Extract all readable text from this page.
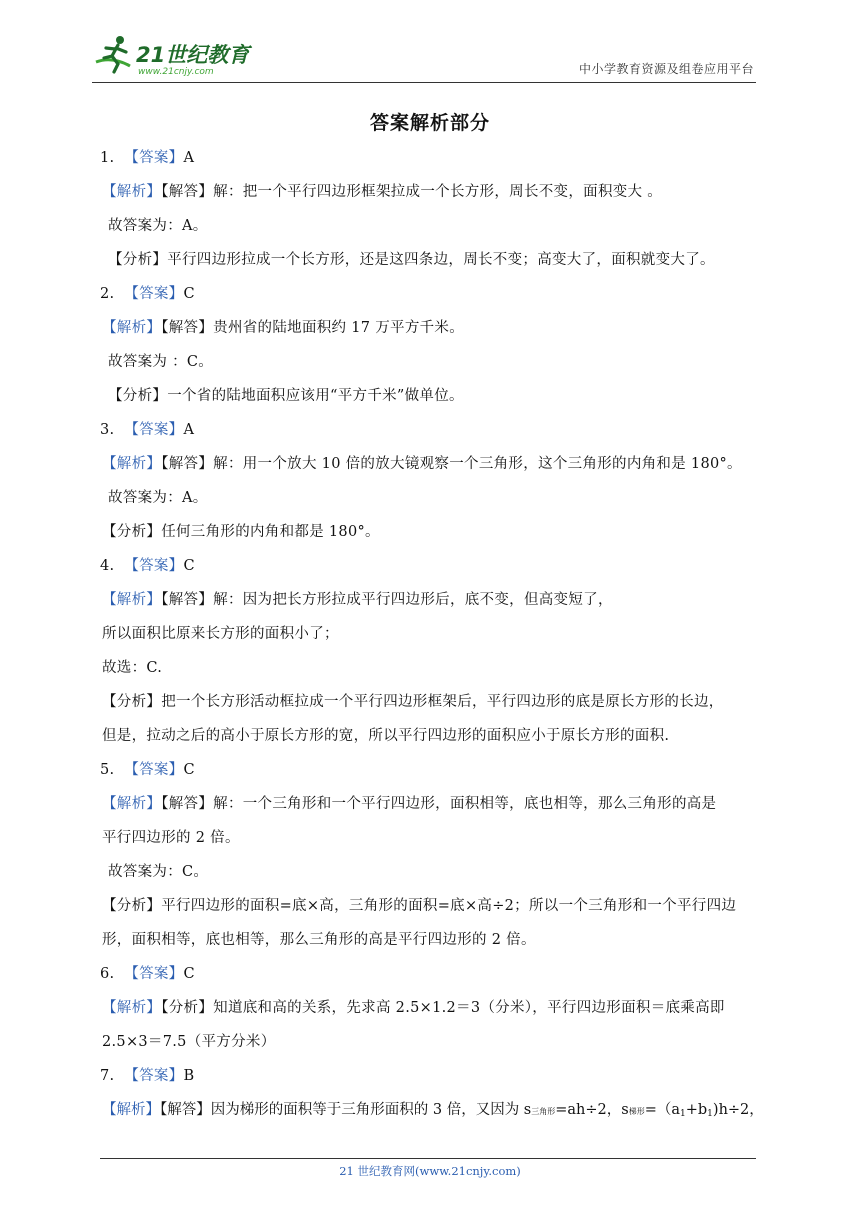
21世纪教育
www.21cnjy.com	中小学教育资源及组卷应用平台
答案解析部分
1. 【答案】A
【解析】【解答】解：把一个平行四边形框架拉成一个长方形，周长不变，面积变大 。
故答案为：A。
【分析】平行四边形拉成一个长方形，还是这四条边，周长不变；高变大了，面积就变大了。
2. 【答案】C
【解析】【解答】贵州省的陆地面积约 17 万平方千米。
故答案为 ：C。
【分析】一个省的陆地面积应该用“平方千米”做单位。
3. 【答案】A
【解析】【解答】解：用一个放大 10 倍的放大镜观察一个三角形，这个三角形的内角和是 180°。
故答案为：A。
【分析】任何三角形的内角和都是 180°。
4. 【答案】C
【解析】【解答】解：因为把长方形拉成平行四边形后，底不变，但高变短了，
所以面积比原来长方形的面积小了；
故选：C.
【分析】把一个长方形活动框拉成一个平行四边形框架后，平行四边形的底是原长方形的长边，
但是，拉动之后的高小于原长方形的宽，所以平行四边形的面积应小于原长方形的面积.
5. 【答案】C
【解析】【解答】解：一个三角形和一个平行四边形，面积相等，底也相等，那么三角形的高是
平行四边形的 2 倍。
故答案为：C。
【分析】平行四边形的面积=底×高，三角形的面积=底×高÷2；所以一个三角形和一个平行四边
形，面积相等，底也相等，那么三角形的高是平行四边形的 2 倍。
6. 【答案】C
【解析】【分析】知道底和高的关系，先求高 2.5×1.2＝3（分米），平行四边形面积＝底乘高即
2.5×3＝7.5（平方分米）
7. 【答案】B
【解析】【解答】因为梯形的面积等于三角形面积的 3 倍，又因为 s三角形=ah÷2，s梯形=（a1+b1)h÷2，
21 世纪教育网(www.21cnjy.com)
